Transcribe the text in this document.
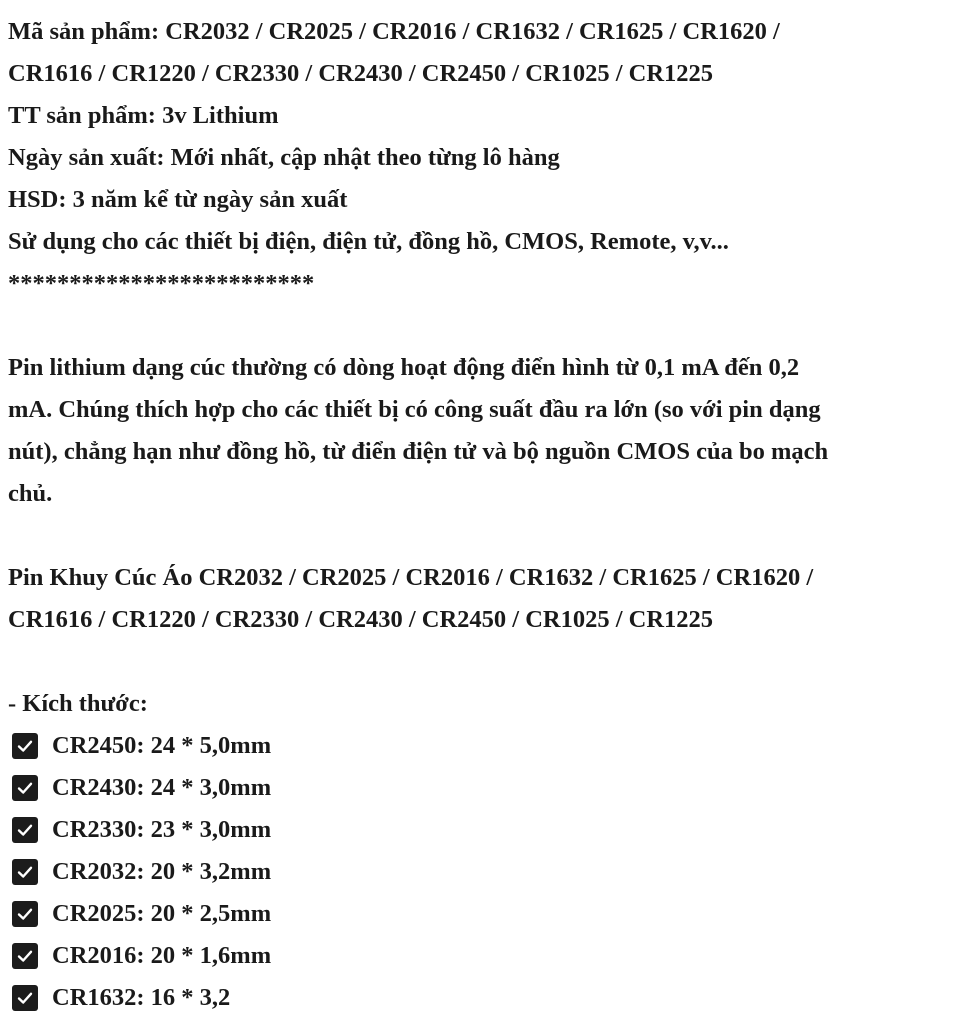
Mã sản phẩm: CR2032 / CR2025 / CR2016 / CR1632 / CR1625 / CR1620 /
CR1616 / CR1220 / CR2330 / CR2430 / CR2450 / CR1025 / CR1225
TT sản phẩm: 3v Lithium
Ngày sản xuất: Mới nhất, cập nhật theo từng lô hàng
HSD: 3 năm kể từ ngày sản xuất
Sử dụng cho các thiết bị điện, điện tử, đồng hồ, CMOS, Remote, v,v...
*************************
Pin lithium dạng cúc thường có dòng hoạt động điển hình từ 0,1 mA đến 0,2
mA. Chúng thích hợp cho các thiết bị có công suất đầu ra lớn (so với pin dạng
nút), chẳng hạn như đồng hồ, từ điển điện tử và bộ nguồn CMOS của bo mạch
chủ.
Pin Khuy Cúc Áo CR2032 / CR2025 / CR2016 / CR1632 / CR1625 / CR1620 /
CR1616 / CR1220 / CR2330 / CR2430 / CR2450 / CR1025 / CR1225
- Kích thước:
CR2450: 24 * 5,0mm
CR2430: 24 * 3,0mm
CR2330: 23 * 3,0mm
CR2032: 20 * 3,2mm
CR2025: 20 * 2,5mm
CR2016: 20 * 1,6mm
CR1632: 16 * 3,2
